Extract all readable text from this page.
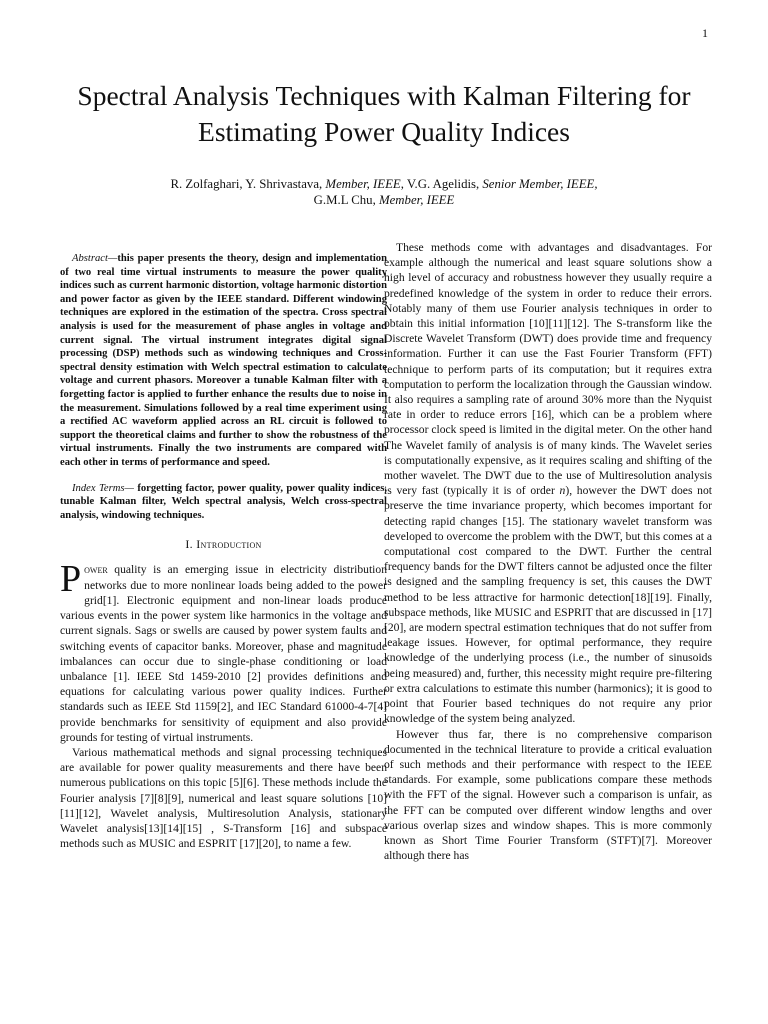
1
Spectral Analysis Techniques with Kalman Filtering for Estimating Power Quality Indices
R. Zolfaghari, Y. Shrivastava, Member, IEEE, V.G. Agelidis, Senior Member, IEEE,
G.M.L Chu, Member, IEEE

Abstract—this paper presents the theory, design and implementation of two real time virtual instruments to measure the power quality indices such as current harmonic distortion, voltage harmonic distortion and power factor as given by the IEEE standard. Different windowing techniques are explored in the estimation of the spectra. Cross spectral analysis is used for the measurement of phase angles in voltage and current signal. The virtual instrument integrates digital signal processing (DSP) methods such as windowing techniques and Cross-spectral density estimation with Welch spectral estimation to calculate voltage and current phasors. Moreover a tunable Kalman filter with a forgetting factor is applied to further enhance the results due to noise in the measurement. Simulations followed by a real time experiment using a rectified AC waveform applied across an RL circuit is followed to support the theoretical claims and further to show the robustness of the virtual instruments. Finally the two instruments are compared with each other in terms of performance and speed.

Index Terms— forgetting factor, power quality, power quality indices, tunable Kalman filter, Welch spectral analysis, Welch cross-spectral analysis, windowing techniques.

I. Introduction

Power quality is an emerging issue in electricity distribution networks due to more nonlinear loads being added to the power grid[1]. Electronic equipment and non-linear loads produce various events in the power system like harmonics in the voltage and current signals. Sags or swells are caused by power system faults and switching events of capacitor banks. Moreover, phase and magnitude imbalances can occur due to single-phase conditioning or load unbalance [1]. IEEE Std 1459-2010 [2] provides definitions and equations for calculating various power quality indices. Further standards such as IEEE Std 1159[2], and IEC Standard 61000-4-7[4] provide benchmarks for sensitivity of equipment and also provide grounds for testing of virtual instruments.

Various mathematical methods and signal processing techniques are available for power quality measurements and there have been numerous publications on this topic [5][6]. These methods include the Fourier analysis [7][8][9], numerical and least square solutions [10][11][12], Wavelet analysis, Multiresolution Analysis, stationary Wavelet analysis[13][14][15] , S-Transform [16] and subspace methods such as MUSIC and ESPRIT [17][20], to name a few.

These methods come with advantages and disadvantages. For example although the numerical and least square solutions show a high level of accuracy and robustness however they usually require a predefined knowledge of the system in order to reduce their errors. Notably many of them use Fourier analysis techniques in order to obtain this initial information [10][11][12]. The S-transform like the Discrete Wavelet Transform (DWT) does provide time and frequency information. Further it can use the Fast Fourier Transform (FFT) technique to perform parts of its computation; but it requires extra computation to perform the localization through the Gaussian window. It also requires a sampling rate of around 30% more than the Nyquist rate in order to reduce errors [16], which can be a problem where processor clock speed is limited in the digital meter. On the other hand The Wavelet family of analysis is of many kinds. The Wavelet series is computationally expensive, as it requires scaling and shifting of the mother wavelet. The DWT due to the use of Multiresolution analysis is very fast (typically it is of order n), however the DWT does not preserve the time invariance property, which becomes important for detecting rapid changes [15]. The stationary wavelet transform was developed to overcome the problem with the DWT, but this comes at a computational cost compared to the DWT. Further the central frequency bands for the DWT filters cannot be adjusted once the filter is designed and the sampling frequency is set, this causes the DWT method to be less attractive for harmonic detection[18][19]. Finally, subspace methods, like MUSIC and ESPRIT that are discussed in [17][20], are modern spectral estimation techniques that do not suffer from leakage issues. However, for optimal performance, they require knowledge of the underlying process (i.e., the number of sinusoids being measured) and, further, this necessity might require pre-filtering or extra calculations to estimate this number (harmonics); it is good to point that Fourier based techniques do not require any prior knowledge of the system being analyzed.

However thus far, there is no comprehensive comparison documented in the technical literature to provide a critical evaluation of such methods and their performance with respect to the IEEE standards. For example, some publications compare these methods with the FFT of the signal. However such a comparison is unfair, as the FFT can be computed over different window lengths and over various overlap sizes and window shapes. This is more commonly known as Short Time Fourier Transform (STFT)[7]. Moreover although there has
